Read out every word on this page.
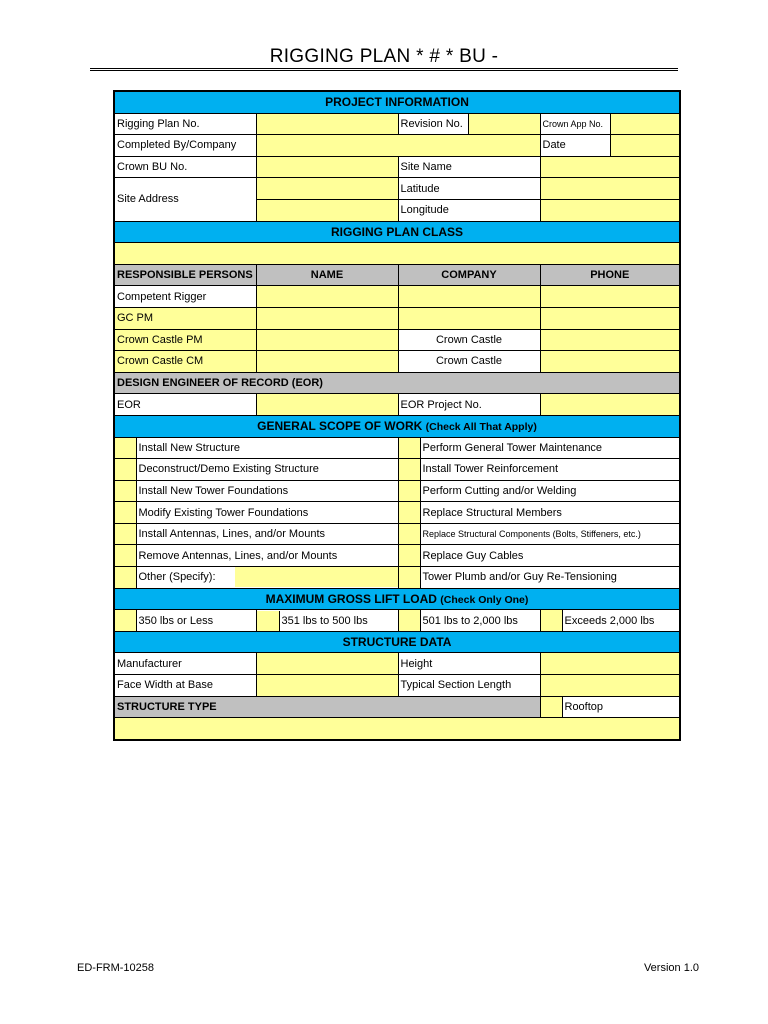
RIGGING PLAN * # * BU -
PROJECT INFORMATION								
Rigging Plan No.			Revision No.			Crown App No.		
Completed By/Company						Date		
Crown BU No.			Site Name					
Site Address			Latitude					
			Longitude					
RIGGING PLAN CLASS								

RESPONSIBLE PERSONS		NAME	COMPANY			PHONE		
Competent Rigger								
GC PM								
Crown Castle PM			Crown Castle					
Crown Castle CM			Crown Castle					
DESIGN ENGINEER OF RECORD (EOR)								
EOR			EOR Project No.					
GENERAL SCOPE OF WORK (Check All That Apply)								
	Install New Structure			Perform General Tower Maintenance				
	Deconstruct/Demo Existing Structure			Install Tower Reinforcement				
	Install New Tower Foundations			Perform Cutting and/or Welding				
	Modify Existing Tower Foundations			Replace Structural Members				
	Install Antennas, Lines, and/or Mounts			Replace Structural Components (Bolts, Stiffeners, etc.)				
	Remove Antennas, Lines, and/or Mounts			Replace Guy Cables				

	Other (Specify):			Tower Plumb and/or Guy Re-Tensioning				
MAXIMUM GROSS LIFT LOAD (Check Only One)								
	350 lbs or Less	351 lbs to 500 lbs		501 lbs to 2,000 lbs			Exceeds 2,000 lbs	
STRUCTURE DATA								
Manufacturer			Height					
Face Width at Base			Typical Section Length					
STRUCTURE TYPE							Rooftop	

ED-FRM-10258	Version 1.0
